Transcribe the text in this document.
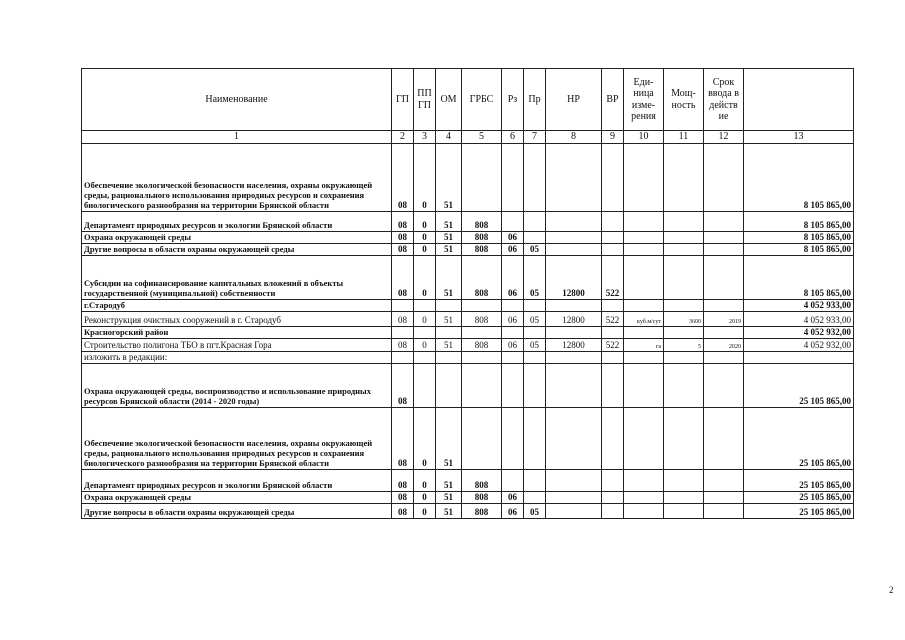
Наименование	ГП	ПП ГП	ОМ	ГРБС	Рз	Пр	НР	ВР	Еди- ница изме- рения	Мощ- ность	Срок ввода в действ ие	
1	2	3	4	5	6	7	8	9	10	11	12	13
Обеспечение экологической безопасности населения, охраны окружающей среды, рационального использования природных ресурсов и сохранения биологического разнообразия на территории Брянской области	08	0	51									8 105 865,00
Департамент природных ресурсов и экологии Брянской области	08	0	51	808								8 105 865,00
Охрана окружающей среды	08	0	51	808	06							8 105 865,00
Другие вопросы в области охраны окружающей среды	08	0	51	808	06	05						8 105 865,00
Субсидии на софинансирование капитальных вложений в объекты государственной (муниципальной) собственности	08	0	51	808	06	05	12800	522				8 105 865,00
г.Стародуб												4 052 933,00
Реконструкция очистных сооружений в г. Стародуб	08	0	51	808	06	05	12800	522	куб.м/сут	3600	2019	4 052 933,00
Красногорский район												4 052 932,00
Строительство полигона ТБО в пгт.Красная Гора	08	0	51	808	06	05	12800	522	га	5	2020	4 052 932,00
изложить в редакции:												
Охрана окружающей среды, воспроизводство и использование природных ресурсов Брянской области (2014 - 2020 годы)	08											25 105 865,00
Обеспечение экологической безопасности населения, охраны окружающей среды, рационального использования природных ресурсов и сохранения биологического разнообразия на территории Брянской области	08	0	51									25 105 865,00
Департамент природных ресурсов и экологии Брянской области	08	0	51	808								25 105 865,00
Охрана окружающей среды	08	0	51	808	06							25 105 865,00
Другие вопросы в области охраны окружающей среды	08	0	51	808	06	05						25 105 865,00
2
